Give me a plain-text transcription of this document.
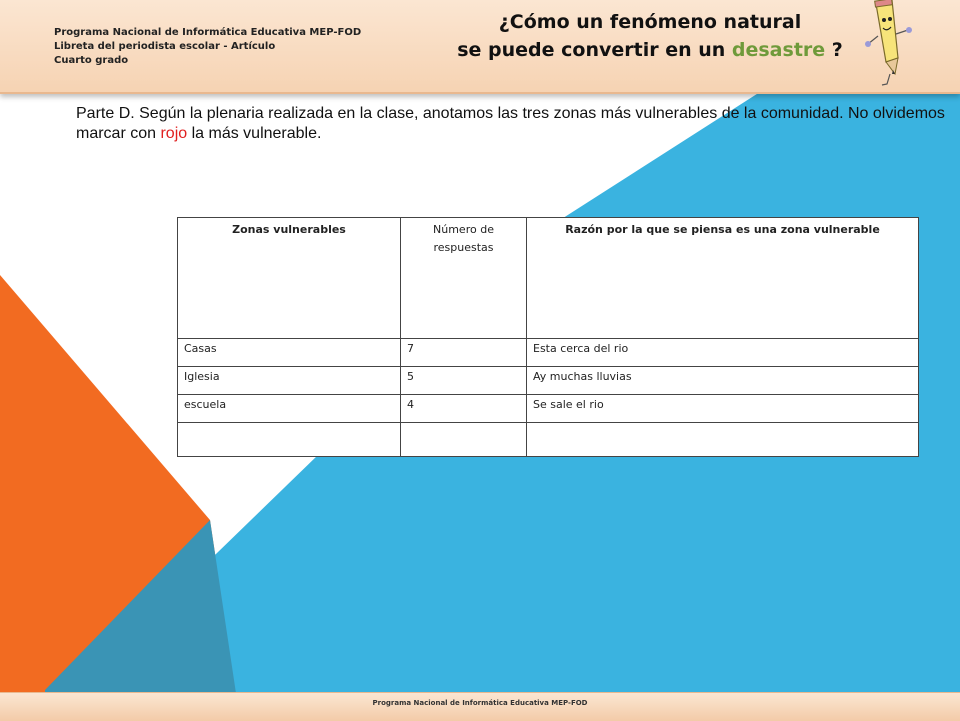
Programa Nacional de Informática Educativa MEP-FOD
Libreta del periodista escolar - Artículo
Cuarto grado
¿Cómo un fenómeno natural
se puede convertir en un desastre ?
Parte D. Según la plenaria realizada en la clase, anotamos las tres zonas más vulnerables de la comunidad. No olvidemos marcar con rojo la más vulnerable.
Zonas vulnerables	Número de respuestas	Razón por la que se piensa es una zona vulnerable
Casas	7	Esta cerca del rio
Iglesia	5	Ay muchas lluvias
escuela	4	Se sale el rio

Programa Nacional de Informática Educativa MEP-FOD
